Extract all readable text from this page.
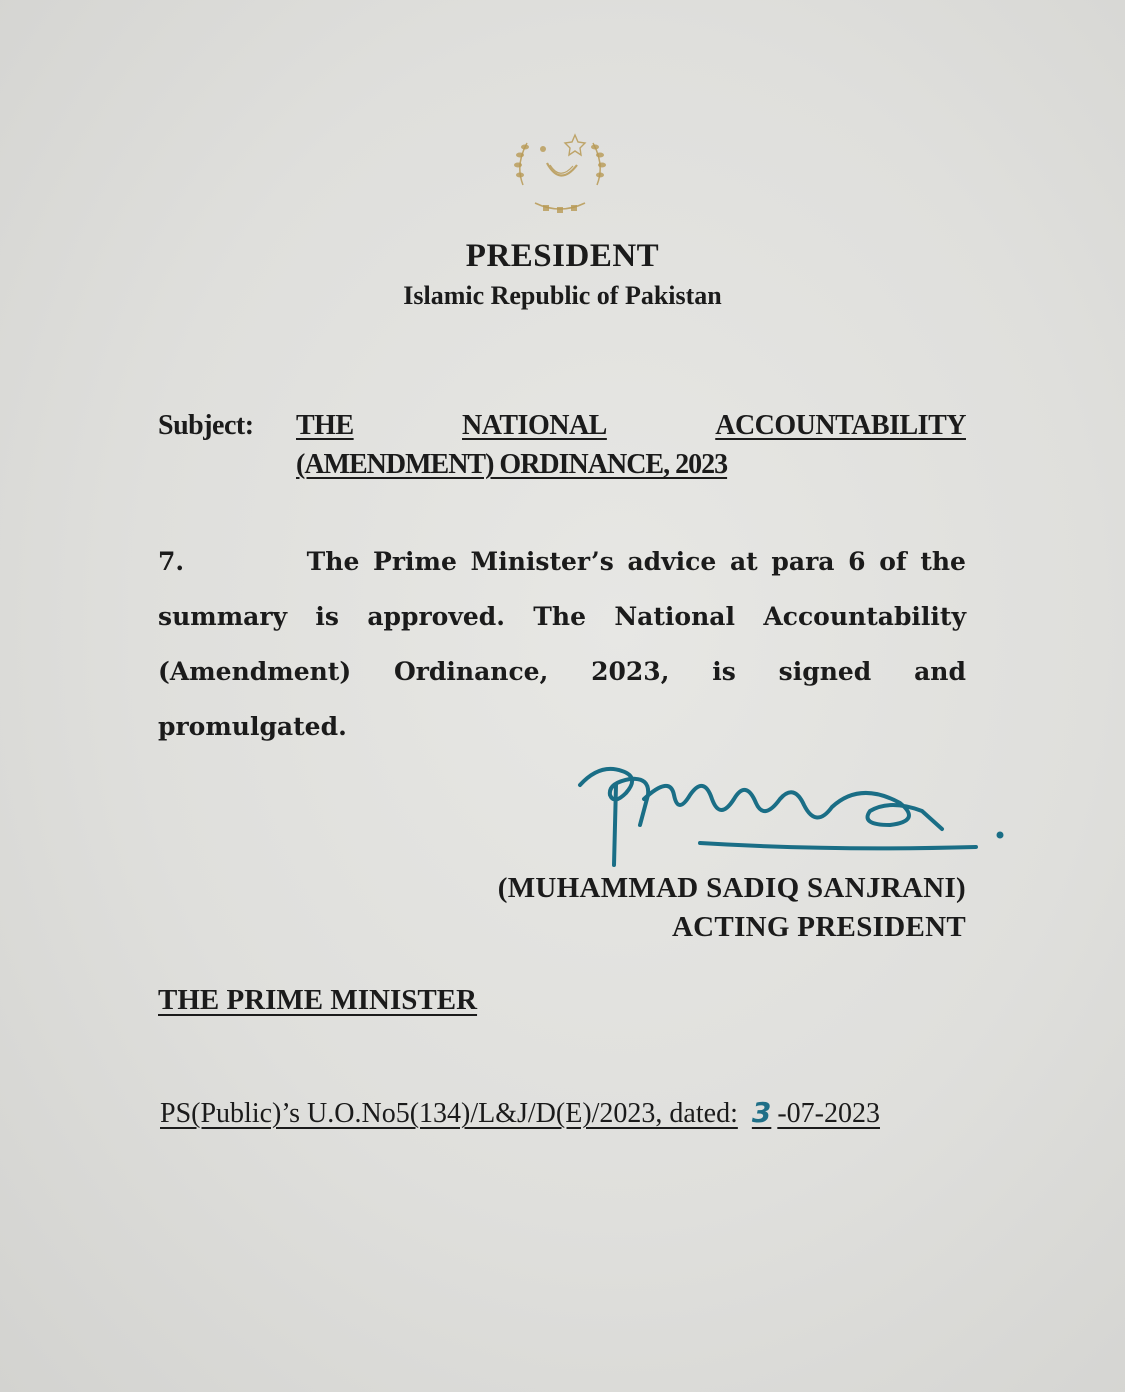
PRESIDENT
Islamic Republic of Pakistan
Subject: THE	NATIONAL	ACCOUNTABILITY
(AMENDMENT) ORDINANCE, 2023
7.	The Prime Minister’s advice at para 6 of the
summary is approved. The National Accountability
(Amendment) Ordinance, 2023, is signed and
promulgated.
(MUHAMMAD SADIQ SANJRANI)
ACTING PRESIDENT
THE PRIME MINISTER
PS(Public)’s U.O.No5(134)/L&J/D(E)/2023, dated: 3 -07-2023
